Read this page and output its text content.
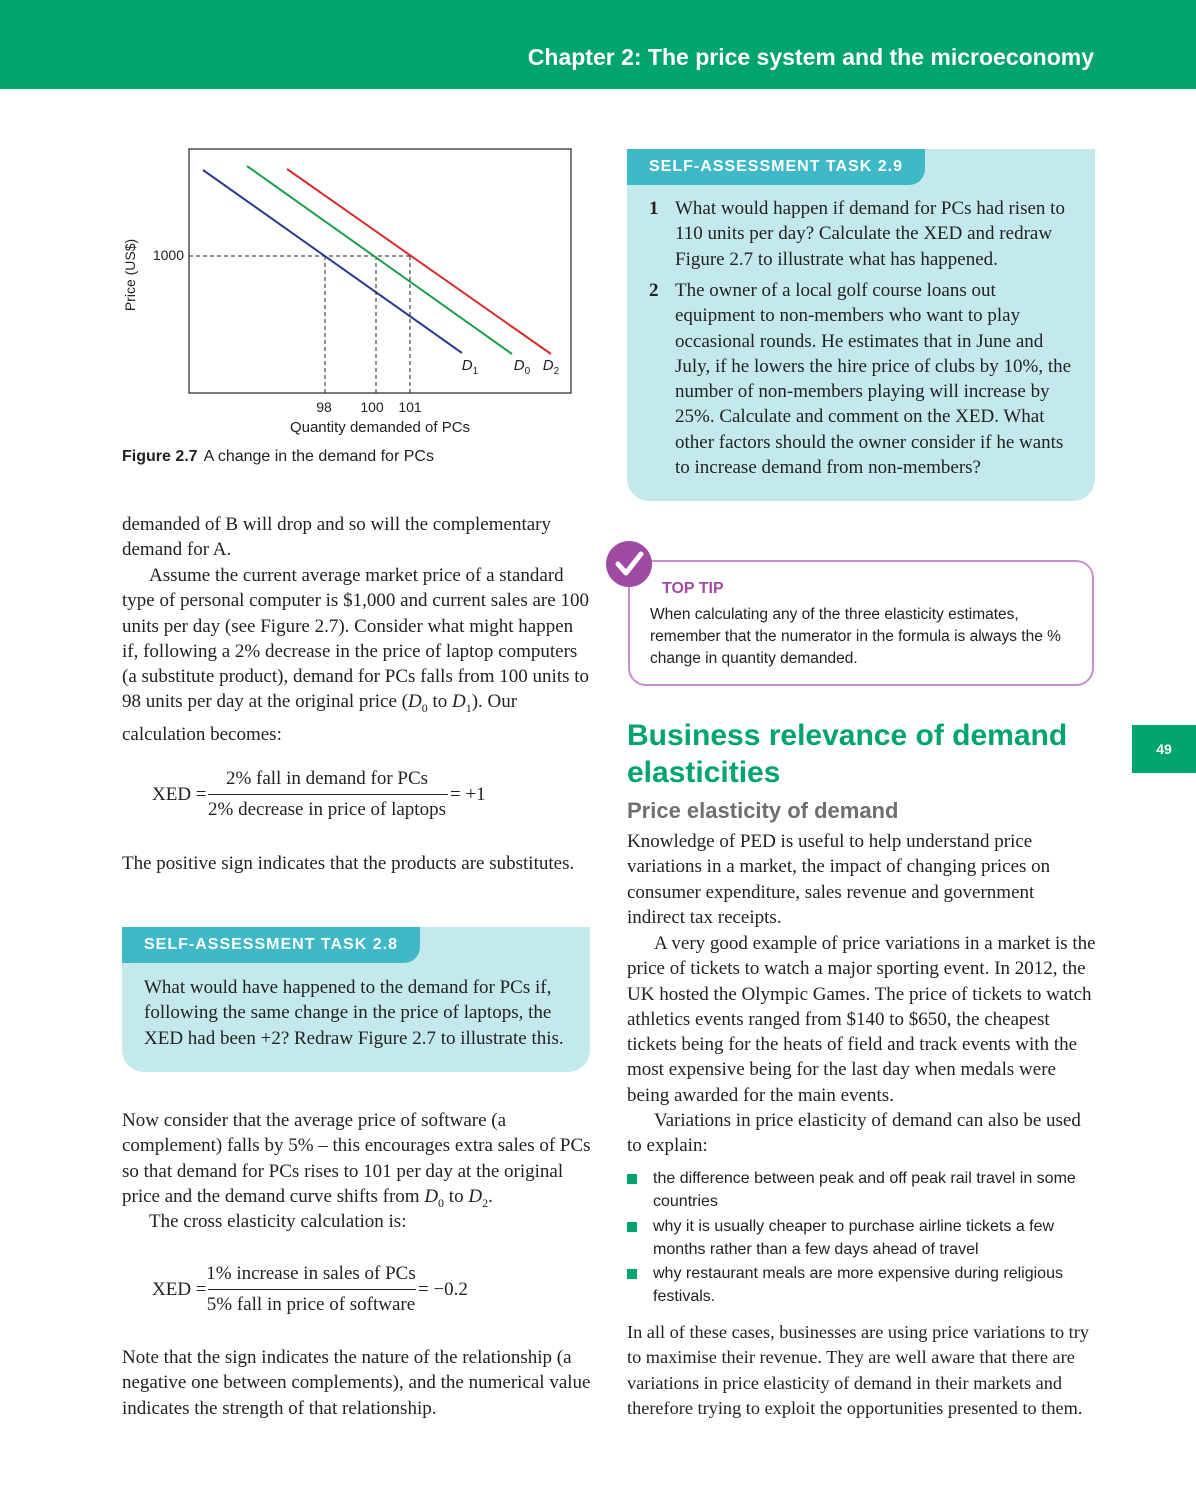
Chapter 2: The price system and the microeconomy
49
Price (US$)
$D_1$ $D_0$ $D_2$
1000
98 100 101
Quantity demanded of PCs
Figure 2.7 A change in the demand for PCs
demanded of B will drop and so will the complementary demand for A.
Assume the current average market price of a standard type of personal computer is $1,000 and current sales are 100 units per day (see Figure 2.7). Consider what might happen if, following a 2% decrease in the price of laptop computers (a substitute product), demand for PCs falls from 100 units to 98 units per day at the original price ($D_0$ to $D_1$). Our calculation becomes:
XED =
2% fall in demand for PCs
2% decrease in price of laptops
= +1
The positive sign indicates that the products are substitutes.
SELF-ASSESSMENT TASK 2.8
What would have happened to the demand for PCs if, following the same change in the price of laptops, the XED had been +2? Redraw Figure 2.7 to illustrate this.
Now consider that the average price of software (a complement) falls by 5% – this encourages extra sales of PCs so that demand for PCs rises to 101 per day at the original price and the demand curve shifts from $D_0$ to $D_2$.
The cross elasticity calculation is:
XED =
1% increase in sales of PCs
5% fall in price of software
= −0.2
Note that the sign indicates the nature of the relationship (a negative one between complements), and the numerical value indicates the strength of that relationship.
SELF-ASSESSMENT TASK 2.9
1 What would happen if demand for PCs had risen to 110 units per day? Calculate the XED and redraw Figure 2.7 to illustrate what has happened.
2 The owner of a local golf course loans out equipment to non-members who want to play occasional rounds. He estimates that in June and July, if he lowers the hire price of clubs by 10%, the number of non-members playing will increase by 25%. Calculate and comment on the XED. What other factors should the owner consider if he wants to increase demand from non-members?
TOP TIP
When calculating any of the three elasticity estimates, remember that the numerator in the formula is always the % change in quantity demanded.
Business relevance of demand elasticities
Price elasticity of demand
Knowledge of PED is useful to help understand price variations in a market, the impact of changing prices on consumer expenditure, sales revenue and government indirect tax receipts.
A very good example of price variations in a market is the price of tickets to watch a major sporting event. In 2012, the UK hosted the Olympic Games. The price of tickets to watch athletics events ranged from $140 to $650, the cheapest tickets being for the heats of field and track events with the most expensive being for the last day when medals were being awarded for the main events.
Variations in price elasticity of demand can also be used to explain:
the difference between peak and off peak rail travel in some countries
why it is usually cheaper to purchase airline tickets a few months rather than a few days ahead of travel
why restaurant meals are more expensive during religious festivals.
In all of these cases, businesses are using price variations to try to maximise their revenue. They are well aware that there are variations in price elasticity of demand in their markets and therefore trying to exploit the opportunities presented to them.
